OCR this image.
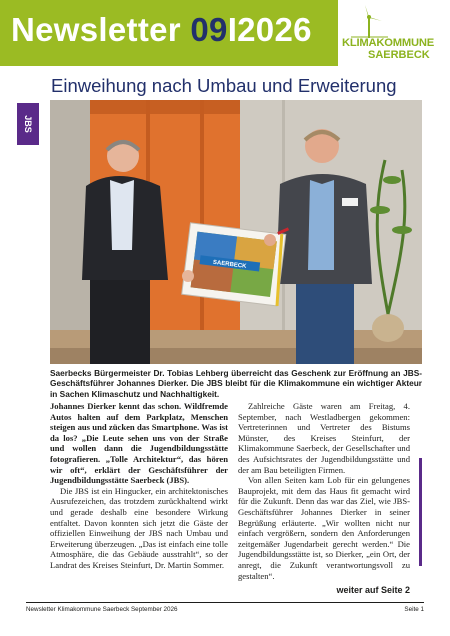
Newsletter 09I2026	KLIMAKOMMUNE
SAERBECK
Einweihung nach Umbau und Erweiterung
JBS
SAERBECK
Saerbecks Bürgermeister Dr. Tobias Lehberg überreicht das Geschenk zur Eröffnung an JBS-Geschäftsführer Johannes Dierker. Die JBS bleibt für die Klimakommune ein wichtiger Akteur in Sachen Klimaschutz und Nachhaltigkeit.

Johannes Dierker kennt das schon. Wildfremde Autos halten auf dem Parkplatz, Menschen steigen aus und zücken das Smartphone. Was ist da los? „Die Leute sehen uns von der Straße und wollen dann die Jugendbildungsstätte fotografieren. „Tolle Architektur“, das hören wir oft“, erklärt der Geschäftsführer der Jugendbildungsstätte Saerbeck (JBS).

Die JBS ist ein Hingucker, ein architektonisches Ausrufezeichen, das trotzdem zurückhaltend wirkt und gerade deshalb eine besondere Wirkung entfaltet. Davon konnten sich jetzt die Gäste der offiziellen Einweihung der JBS nach Umbau und Erweiterung überzeugen. „Das ist einfach eine tolle Atmosphäre, die das Gebäude ausstrahlt“, so der Landrat des Kreises Steinfurt, Dr. Martin Sommer.

Zahlreiche Gäste waren am Freitag, 4. September, nach Westladbergen gekommen: Vertreterinnen und Vertreter des Bistums Münster, des Kreises Steinfurt, der Klimakommune Saerbeck, der Gesellschafter und des Aufsichtsrates der Jugendbildungsstätte und der am Bau beteiligten Firmen.

Von allen Seiten kam Lob für ein gelungenes Bauprojekt, mit dem das Haus fit gemacht wird für die Zukunft. Denn das war das Ziel, wie JBS-Geschäftsführer Johannes Dierker in seiner Begrüßung erläuterte. „Wir wollten nicht nur einfach vergrößern, sondern den Anforderungen zeitgemäßer Jugendarbeit gerecht werden.“ Die Jugendbildungsstätte ist, so Dierker, „ein Ort, der anregt, die Zukunft verantwortungsvoll zu gestalten“.

weiter auf Seite 2
Newsletter Klimakommune Saerbeck September 2026	Seite 1
